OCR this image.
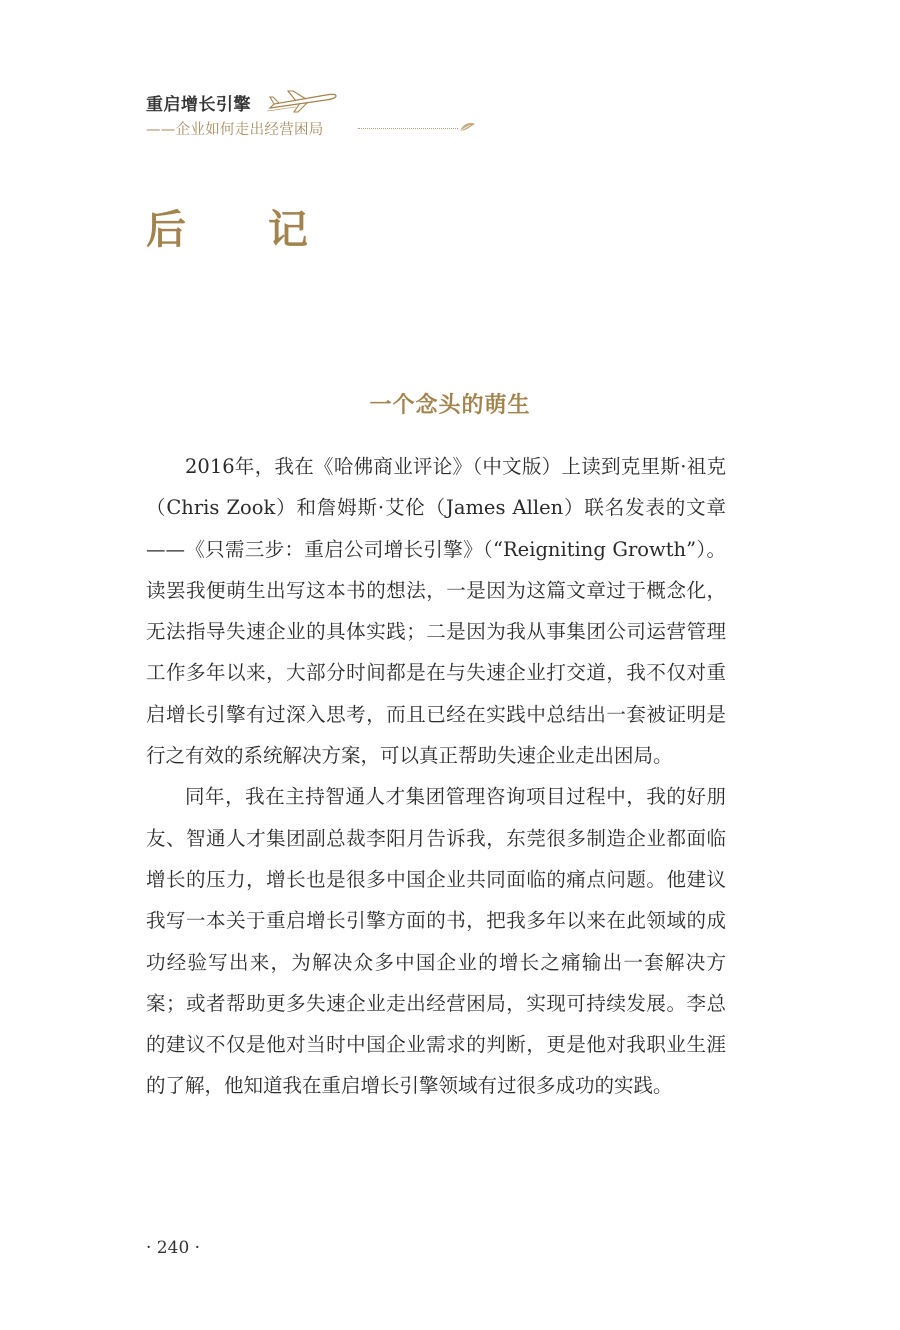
重启增长引擎
——企业如何走出经营困局
后 记
一个念头的萌生

2016年，我在《哈佛商业评论》（中文版）上读到克里斯·祖克（Chris Zook）和詹姆斯·艾伦（James Allen）联名发表的文章——《只需三步：重启公司增长引擎》（“Reigniting Growth”）。读罢我便萌生出写这本书的想法，一是因为这篇文章过于概念化，无法指导失速企业的具体实践；二是因为我从事集团公司运营管理工作多年以来，大部分时间都是在与失速企业打交道，我不仅对重启增长引擎有过深入思考，而且已经在实践中总结出一套被证明是行之有效的系统解决方案，可以真正帮助失速企业走出困局。

同年，我在主持智通人才集团管理咨询项目过程中，我的好朋友、智通人才集团副总裁李阳月告诉我，东莞很多制造企业都面临增长的压力，增长也是很多中国企业共同面临的痛点问题。他建议我写一本关于重启增长引擎方面的书，把我多年以来在此领域的成功经验写出来，为解决众多中国企业的增长之痛输出一套解决方案；或者帮助更多失速企业走出经营困局，实现可持续发展。李总的建议不仅是他对当时中国企业需求的判断，更是他对我职业生涯的了解，他知道我在重启增长引擎领域有过很多成功的实践。

· 240 ·
